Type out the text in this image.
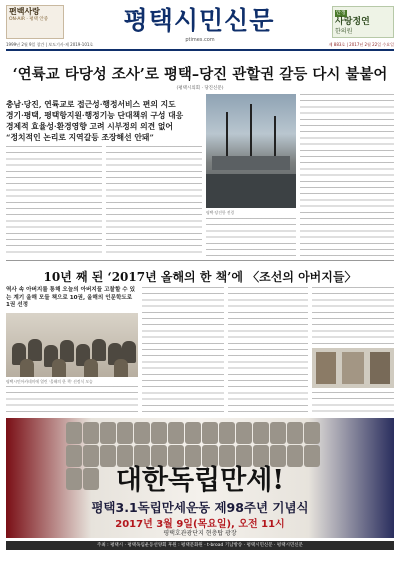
편백사랑
ON-AIR · 평택 안중	평택시민신문
ptimes.com
안정
사랑정연
한의원
1999년 2월 9일 창간 | 보도기사·제 2019-101호	제 883호 | 2017년 2월 22일 수요일
‘연륙교 타당성 조사’로 평택–당진 관할권 갈등 다시 불붙어
(평택시의회 · 당진신문)
충남·당진, 연륙교로 접근성·행정서비스 편의 지도
경기·평택, 평택항지원·행정기능 단대책위 구성 대응
경제적 효율성·환경영향 고려 시부정의 의견 없어
“정치적인 논리로 지역갈등 조장해선 안돼”
평택·당진항 전경
10년 째 된 ‘2017년 올해의 한 책’에 〈조선의 아버지들〉
역사 속 아버지를 통해 오늘의 아버지들 고찰할 수 있는 계기 올해 모들 책으로 10권, 올해의 인문학도로 1권 선정
평택시민아카데미에 열린 ‘올해의 한 책’ 선정식 모습
대한독립만세!
평택3.1독립만세운동 제98주년 기념식
2017년 3월 9일(목요일), 오전 11시
평택호관광단지 현충탑 광장
주최 : 평택시 · 평택독립운동선양회 후원 : 평택문화원 · t-broad 기남방송 · 평택시민신문 · 평택시민신문
